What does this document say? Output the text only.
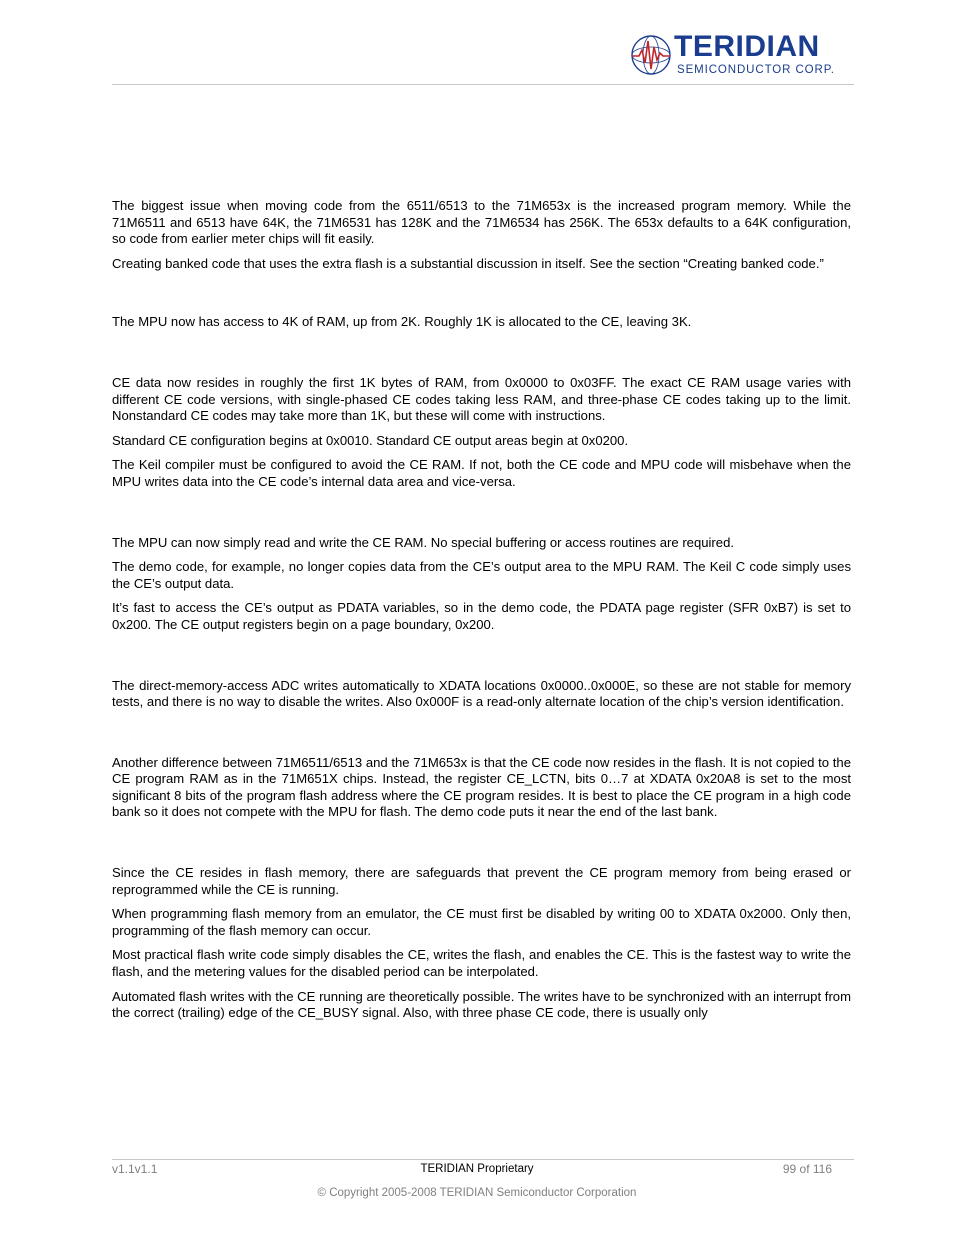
TERIDIAN
SEMICONDUCTOR CORP.

The biggest issue when moving code from the 6511/6513 to the 71M653x is the increased program memory. While the 71M6511 and 6513 have 64K, the 71M6531 has 128K and the 71M6534 has 256K. The 653x defaults to a 64K configuration, so code from earlier meter chips will fit easily.

Creating banked code that uses the extra flash is a substantial discussion in itself. See the section “Creating banked code.”

The MPU now has access to 4K of RAM, up from 2K. Roughly 1K is allocated to the CE, leaving 3K.

CE data now resides in roughly the first 1K bytes of RAM, from 0x0000 to 0x03FF. The exact CE RAM usage varies with different CE code versions, with single-phased CE codes taking less RAM, and three-phase CE codes taking up to the limit. Nonstandard CE codes may take more than 1K, but these will come with instructions.

Standard CE configuration begins at 0x0010. Standard CE output areas begin at 0x0200.

The Keil compiler must be configured to avoid the CE RAM. If not, both the CE code and MPU code will misbehave when the MPU writes data into the CE code’s internal data area and vice-versa.

The MPU can now simply read and write the CE RAM. No special buffering or access routines are required.

The demo code, for example, no longer copies data from the CE’s output area to the MPU RAM. The Keil C code simply uses the CE’s output data.

It’s fast to access the CE’s output as PDATA variables, so in the demo code, the PDATA page register (SFR 0xB7) is set to 0x200. The CE output registers begin on a page boundary, 0x200.

The direct-memory-access ADC writes automatically to XDATA locations 0x0000..0x000E, so these are not stable for memory tests, and there is no way to disable the writes. Also 0x000F is a read-only alternate location of the chip’s version identification.

Another difference between 71M6511/6513 and the 71M653x is that the CE code now resides in the flash. It is not copied to the CE program RAM as in the 71M651X chips. Instead, the register CE_LCTN, bits 0…7 at XDATA 0x20A8 is set to the most significant 8 bits of the program flash address where the CE program resides. It is best to place the CE program in a high code bank so it does not compete with the MPU for flash. The demo code puts it near the end of the last bank.

Since the CE resides in flash memory, there are safeguards that prevent the CE program memory from being erased or reprogrammed while the CE is running.

When programming flash memory from an emulator, the CE must first be disabled by writing 00 to XDATA 0x2000. Only then, programming of the flash memory can occur.

Most practical flash write code simply disables the CE, writes the flash, and enables the CE. This is the fastest way to write the flash, and the metering values for the disabled period can be interpolated.

Automated flash writes with the CE running are theoretically possible. The writes have to be synchronized with an interrupt from the correct (trailing) edge of the CE_BUSY signal. Also, with three phase CE code, there is usually only

v1.1v1.1	TERIDIAN Proprietary	99 of 116
© Copyright 2005-2008 TERIDIAN Semiconductor Corporation
